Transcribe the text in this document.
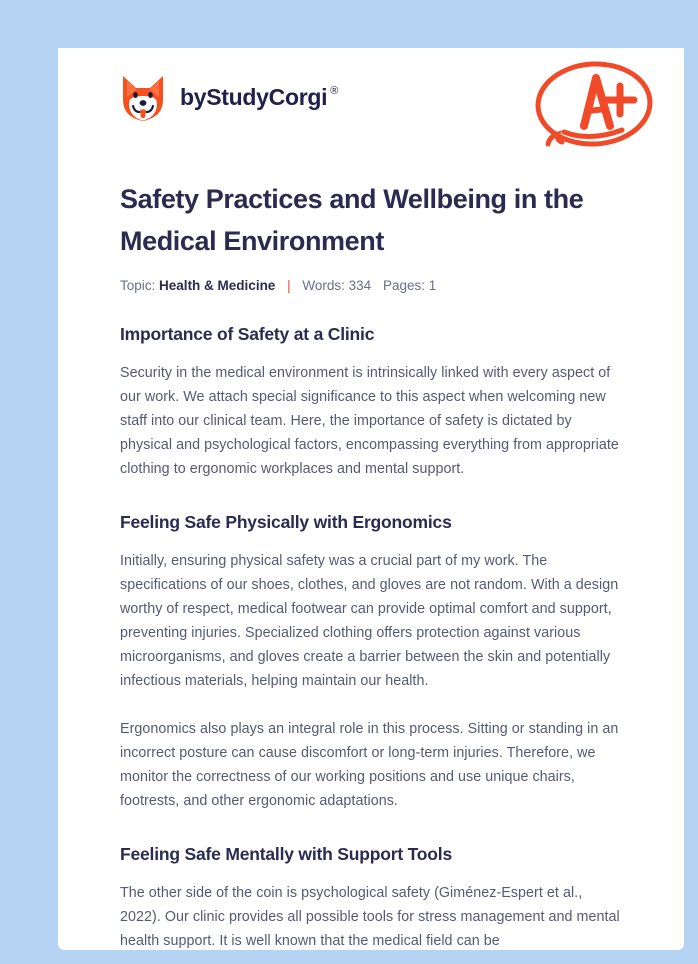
by StudyCorgi ®
Safety Practices and Wellbeing in the Medical Environment
Topic: Health & Medicine | Words: 334 Pages: 1
Importance of Safety at a Clinic

Security in the medical environment is intrinsically linked with every aspect of our work. We attach special significance to this aspect when welcoming new staff into our clinical team. Here, the importance of safety is dictated by physical and psychological factors, encompassing everything from appropriate clothing to ergonomic workplaces and mental support.

Feeling Safe Physically with Ergonomics

Initially, ensuring physical safety was a crucial part of my work. The specifications of our shoes, clothes, and gloves are not random. With a design worthy of respect, medical footwear can provide optimal comfort and support, preventing injuries. Specialized clothing offers protection against various microorganisms, and gloves create a barrier between the skin and potentially infectious materials, helping maintain our health.

Ergonomics also plays an integral role in this process. Sitting or standing in an incorrect posture can cause discomfort or long-term injuries. Therefore, we monitor the correctness of our working positions and use unique chairs, footrests, and other ergonomic adaptations.

Feeling Safe Mentally with Support Tools

The other side of the coin is psychological safety (Giménez-Espert et al., 2022). Our clinic provides all possible tools for stress management and mental health support. It is well known that the medical field can be
